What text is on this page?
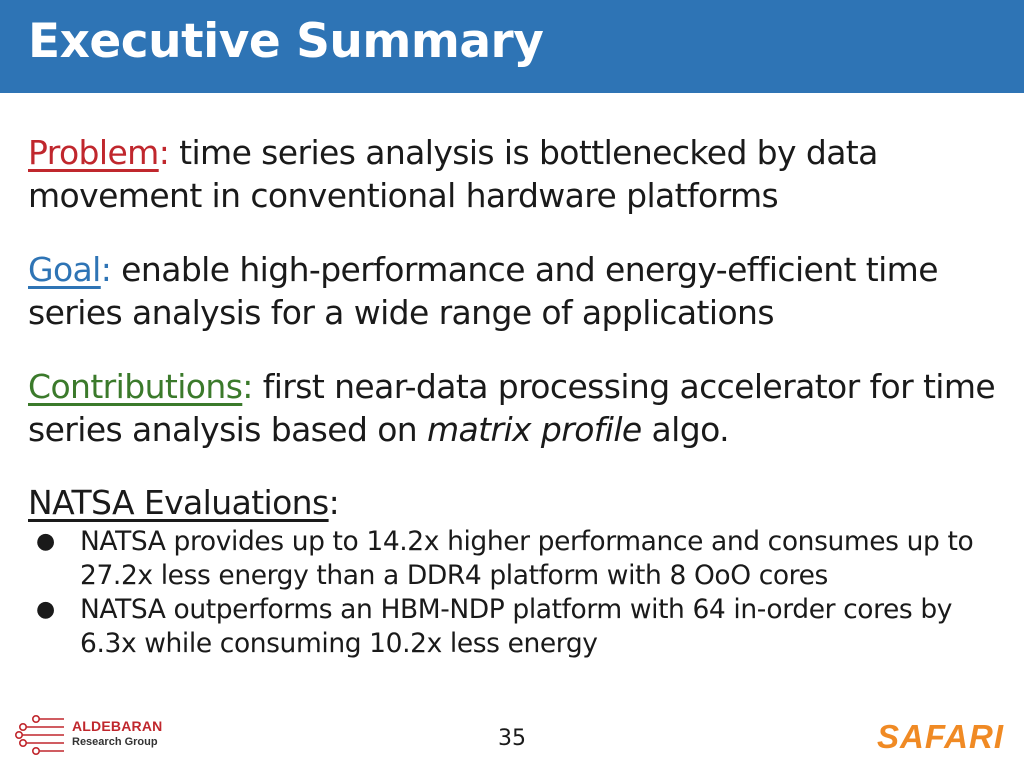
Executive Summary

Problem: time series analysis is bottlenecked by data movement in conventional hardware platforms

Goal: enable high-performance and energy-efficient time series analysis for a wide range of applications

Contributions: first near-data processing accelerator for time series analysis based on matrix profile algo.

NATSA Evaluations:

● NATSA provides up to 14.2x higher performance and consumes up to 27.2x less energy than a DDR4 platform with 8 OoO cores
● NATSA outperforms an HBM-NDP platform with 64 in-order cores by 6.3x while consuming 10.2x less energy
ALDEBARAN
Research Group	35	SAFARI
